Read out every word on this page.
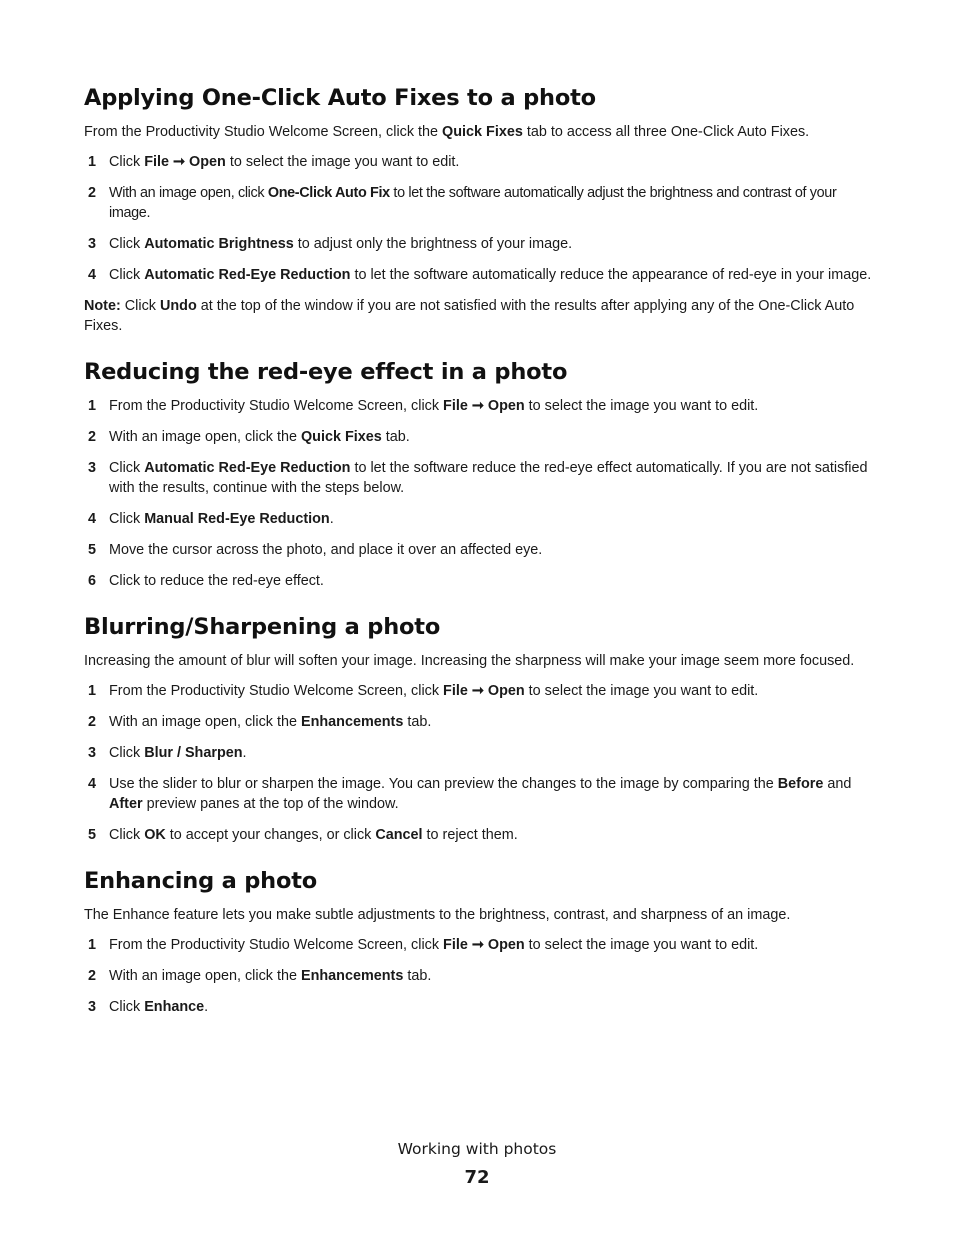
Applying One-Click Auto Fixes to a photo

From the Productivity Studio Welcome Screen, click the Quick Fixes tab to access all three One-Click Auto Fixes.

1 Click File ➞ Open to select the image you want to edit.
2 With an image open, click One-Click Auto Fix to let the software automatically adjust the brightness and contrast of your image.
3 Click Automatic Brightness to adjust only the brightness of your image.
4 Click Automatic Red-Eye Reduction to let the software automatically reduce the appearance of red-eye in your image.

Note: Click Undo at the top of the window if you are not satisfied with the results after applying any of the One-Click Auto Fixes.

Reducing the red-eye effect in a photo
1 From the Productivity Studio Welcome Screen, click File ➞ Open to select the image you want to edit.
2 With an image open, click the Quick Fixes tab.
3 Click Automatic Red-Eye Reduction to let the software reduce the red-eye effect automatically. If you are not satisfied with the results, continue with the steps below.
4 Click Manual Red-Eye Reduction.
5 Move the cursor across the photo, and place it over an affected eye.
6 Click to reduce the red-eye effect.
Blurring/Sharpening a photo

Increasing the amount of blur will soften your image. Increasing the sharpness will make your image seem more focused.

1 From the Productivity Studio Welcome Screen, click File ➞ Open to select the image you want to edit.
2 With an image open, click the Enhancements tab.
3 Click Blur / Sharpen.
4 Use the slider to blur or sharpen the image. You can preview the changes to the image by comparing the Before and After preview panes at the top of the window.
5 Click OK to accept your changes, or click Cancel to reject them.
Enhancing a photo

The Enhance feature lets you make subtle adjustments to the brightness, contrast, and sharpness of an image.

1 From the Productivity Studio Welcome Screen, click File ➞ Open to select the image you want to edit.
2 With an image open, click the Enhancements tab.
3 Click Enhance.
Working with photos
72
